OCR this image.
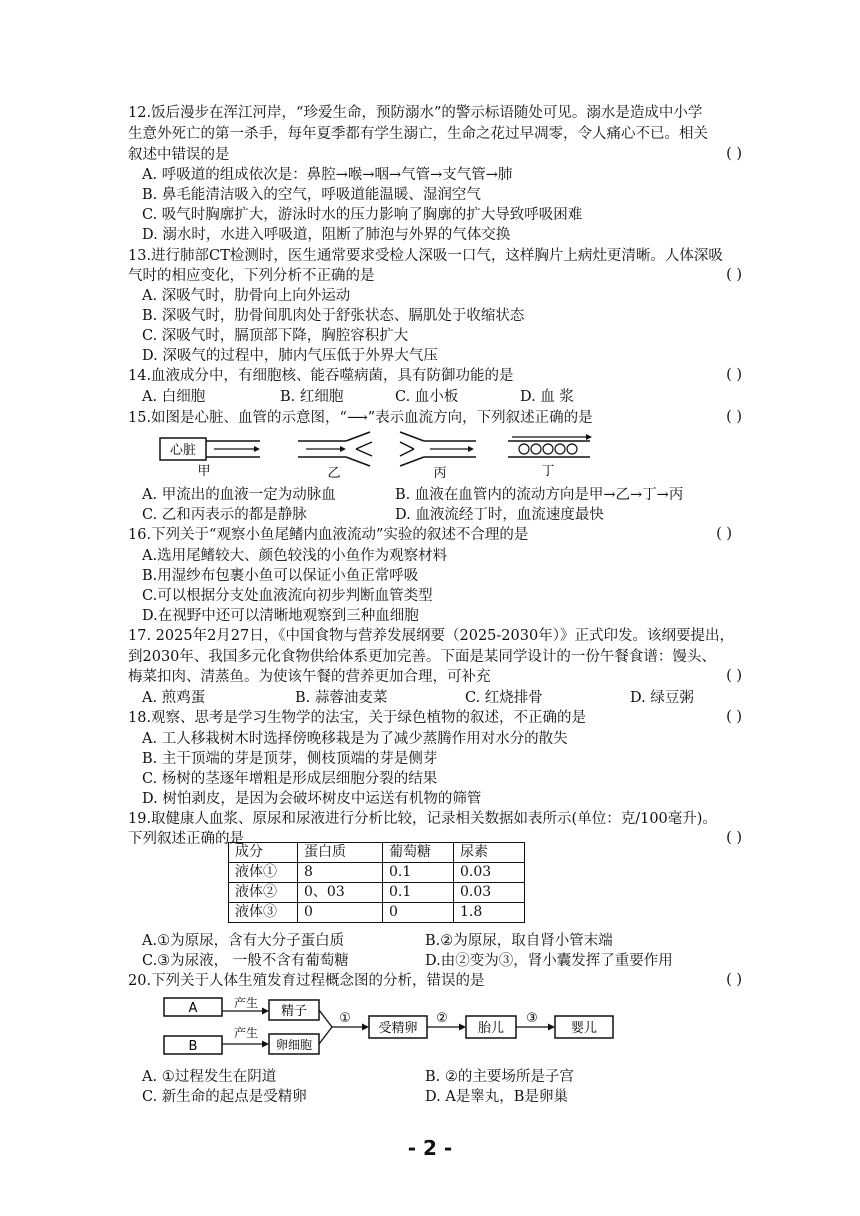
12.饭后漫步在浑江河岸，“珍爱生命，预防溺水”的警示标语随处可见。溺水是造成中小学
生意外死亡的第一杀手，每年夏季都有学生溺亡，生命之花过早凋零，令人痛心不已。相关
叙述中错误的是	( )
A. 呼吸道的组成依次是：鼻腔→喉→咽→气管→支气管→肺
B. 鼻毛能清洁吸入的空气，呼吸道能温暖、湿润空气
C. 吸气时胸廓扩大，游泳时水的压力影响了胸廓的扩大导致呼吸困难
D. 溺水时，水进入呼吸道，阻断了肺泡与外界的气体交换
13.进行肺部CT检测时，医生通常要求受检人深吸一口气，这样胸片上病灶更清晰。人体深吸
气时的相应变化，下列分析不正确的是	( )
A. 深吸气时，肋骨向上向外运动
B. 深吸气时，肋骨间肌肉处于舒张状态、膈肌处于收缩状态
C. 深吸气时，膈顶部下降，胸腔容积扩大
D. 深吸气的过程中，肺内气压低于外界大气压
14.血液成分中，有细胞核、能吞噬病菌，具有防御功能的是	( )
A. 白细胞	B. 红细胞	C. 血小板	D. 血 浆
15.如图是心脏、血管的示意图，“⟶”表示血流方向，下列叙述正确的是	( )
心脏
甲	乙	丙	丁
A. 甲流出的血液一定为动脉血	B. 血液在血管内的流动方向是甲→乙→丁→丙
C. 乙和丙表示的都是静脉	D. 血液流经丁时，血流速度最快
16.下列关于“观察小鱼尾鳍内血液流动”实验的叙述不合理的是	( )
A.选用尾鳍较大、颜色较浅的小鱼作为观察材料
B.用湿纱布包裹小鱼可以保证小鱼正常呼吸
C.可以根据分支处血液流向初步判断血管类型
D.在视野中还可以清晰地观察到三种血细胞
17. 2025年2月27日，《中国食物与营养发展纲要（2025-2030年）》正式印发。该纲要提出，
到2030年、我国多元化食物供给体系更加完善。下面是某同学设计的一份午餐食谱：馒头、
梅菜扣肉、清蒸鱼。为使该午餐的营养更加合理，可补充	( )
A. 煎鸡蛋	B. 蒜蓉油麦菜	C. 红烧排骨	D. 绿豆粥
18.观察、思考是学习生物学的法宝，关于绿色植物的叙述，不正确的是	( )
A. 工人移栽树木时选择傍晚移栽是为了减少蒸腾作用对水分的散失
B. 主干顶端的芽是顶芽，侧枝顶端的芽是侧芽
C. 杨树的茎逐年增粗是形成层细胞分裂的结果
D. 树怕剥皮，是因为会破坏树皮中运送有机物的筛管
19.取健康人血浆、原尿和尿液进行分析比较，记录相关数据如表所示(单位：克/100毫升)。
下列叙述正确的是	( )
成分	蛋白质	葡萄糖	尿素
液体①	8	0.1	0.03
液体②	0、03	0.1	0.03
液体③	0	0	1.8
A.①为原尿，含有大分子蛋白质	B.②为原尿，取自肾小管末端
C.③为尿液， 一般不含有葡萄糖	D.由②变为③，肾小囊发挥了重要作用
20.下列关于人体生殖发育过程概念图的分析，错误的是	( )
A	产生
精子
B
产生
卵细胞
①
受精卵
②
胎儿
③
婴儿
A. ①过程发生在阴道	B. ②的主要场所是子宫
C. 新生命的起点是受精卵	D. A是睾丸，B是卵巢
- 2 -
